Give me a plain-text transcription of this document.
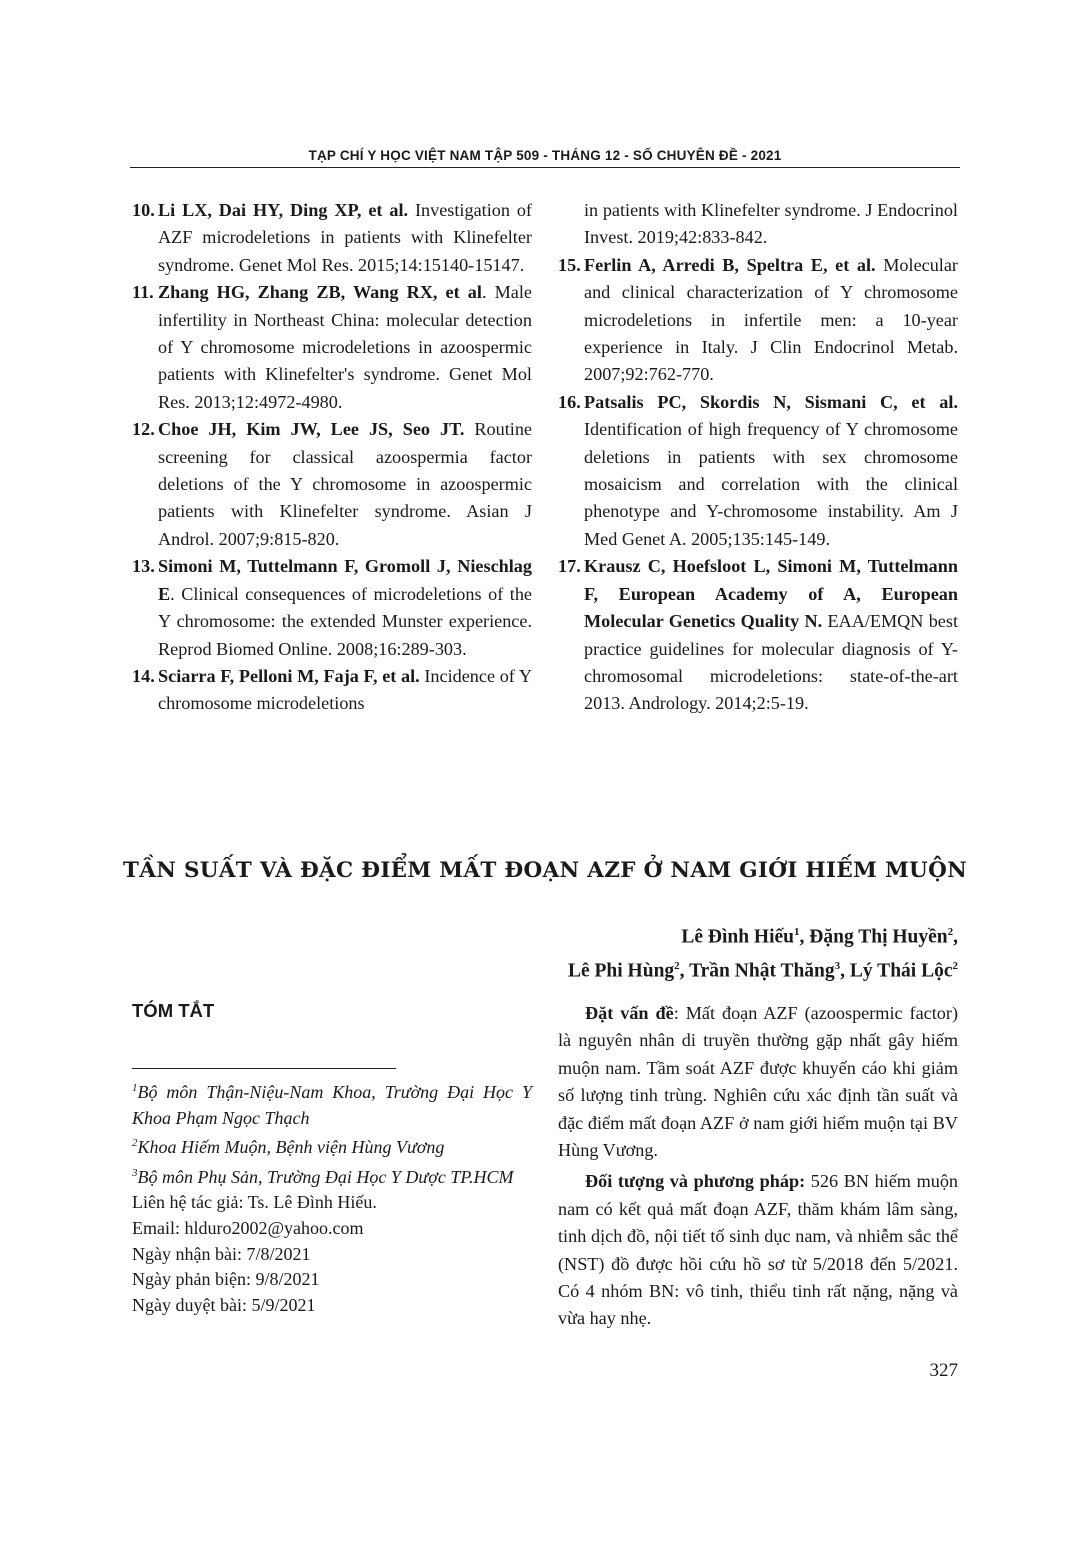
TẠP CHÍ Y HỌC VIỆT NAM TẬP 509 - THÁNG 12 - SỐ CHUYÊN ĐỀ - 2021
10. Li LX, Dai HY, Ding XP, et al. Investigation of AZF microdeletions in patients with Klinefelter syndrome. Genet Mol Res. 2015;14:15140-15147.
11. Zhang HG, Zhang ZB, Wang RX, et al. Male infertility in Northeast China: molecular detection of Y chromosome microdeletions in azoospermic patients with Klinefelter's syndrome. Genet Mol Res. 2013;12:4972-4980.
12. Choe JH, Kim JW, Lee JS, Seo JT. Routine screening for classical azoospermia factor deletions of the Y chromosome in azoospermic patients with Klinefelter syndrome. Asian J Androl. 2007;9:815-820.
13. Simoni M, Tuttelmann F, Gromoll J, Nieschlag E. Clinical consequences of microdeletions of the Y chromosome: the extended Munster experience. Reprod Biomed Online. 2008;16:289-303.
14. Sciarra F, Pelloni M, Faja F, et al. Incidence of Y chromosome microdeletions
in patients with Klinefelter syndrome. J Endocrinol Invest. 2019;42:833-842.
15. Ferlin A, Arredi B, Speltra E, et al. Molecular and clinical characterization of Y chromosome microdeletions in infertile men: a 10-year experience in Italy. J Clin Endocrinol Metab. 2007;92:762-770.
16. Patsalis PC, Skordis N, Sismani C, et al. Identification of high frequency of Y chromosome deletions in patients with sex chromosome mosaicism and correlation with the clinical phenotype and Y-chromosome instability. Am J Med Genet A. 2005;135:145-149.
17. Krausz C, Hoefsloot L, Simoni M, Tuttelmann F, European Academy of A, European Molecular Genetics Quality N. EAA/EMQN best practice guidelines for molecular diagnosis of Y-chromosomal microdeletions: state-of-the-art 2013. Andrology. 2014;2:5-19.
TẦN SUẤT VÀ ĐẶC ĐIỂM MẤT ĐOẠN AZF Ở NAM GIỚI HIẾM MUỘN
Lê Đình Hiếu$^1$, Đặng Thị Huyền$^2$,
Lê Phi Hùng$^2$, Trần Nhật Thăng$^3$, Lý Thái Lộc$^2$
TÓM TẮT
$^1$Bộ môn Thận-Niệu-Nam Khoa, Trường Đại Học Y Khoa Phạm Ngọc Thạch
$^2$Khoa Hiếm Muộn, Bệnh viện Hùng Vương
$^3$Bộ môn Phụ Sản, Trường Đại Học Y Dược TP.HCM
Liên hệ tác giả: Ts. Lê Đình Hiếu.
Email: hlduro2002@yahoo.com
Ngày nhận bài: 7/8/2021
Ngày phản biện: 9/8/2021
Ngày duyệt bài: 5/9/2021

Đặt vấn đề: Mất đoạn AZF (azoospermic factor) là nguyên nhân di truyền thường gặp nhất gây hiếm muộn nam. Tầm soát AZF được khuyến cáo khi giảm số lượng tinh trùng. Nghiên cứu xác định tần suất và đặc điểm mất đoạn AZF ở nam giới hiếm muộn tại BV Hùng Vương.

Đối tượng và phương pháp: 526 BN hiếm muộn nam có kết quả mất đoạn AZF, thăm khám lâm sàng, tinh dịch đồ, nội tiết tố sinh dục nam, và nhiễm sắc thể (NST) đồ được hồi cứu hồ sơ từ 5/2018 đến 5/2021. Có 4 nhóm BN: vô tinh, thiểu tinh rất nặng, nặng và vừa hay nhẹ.

327
